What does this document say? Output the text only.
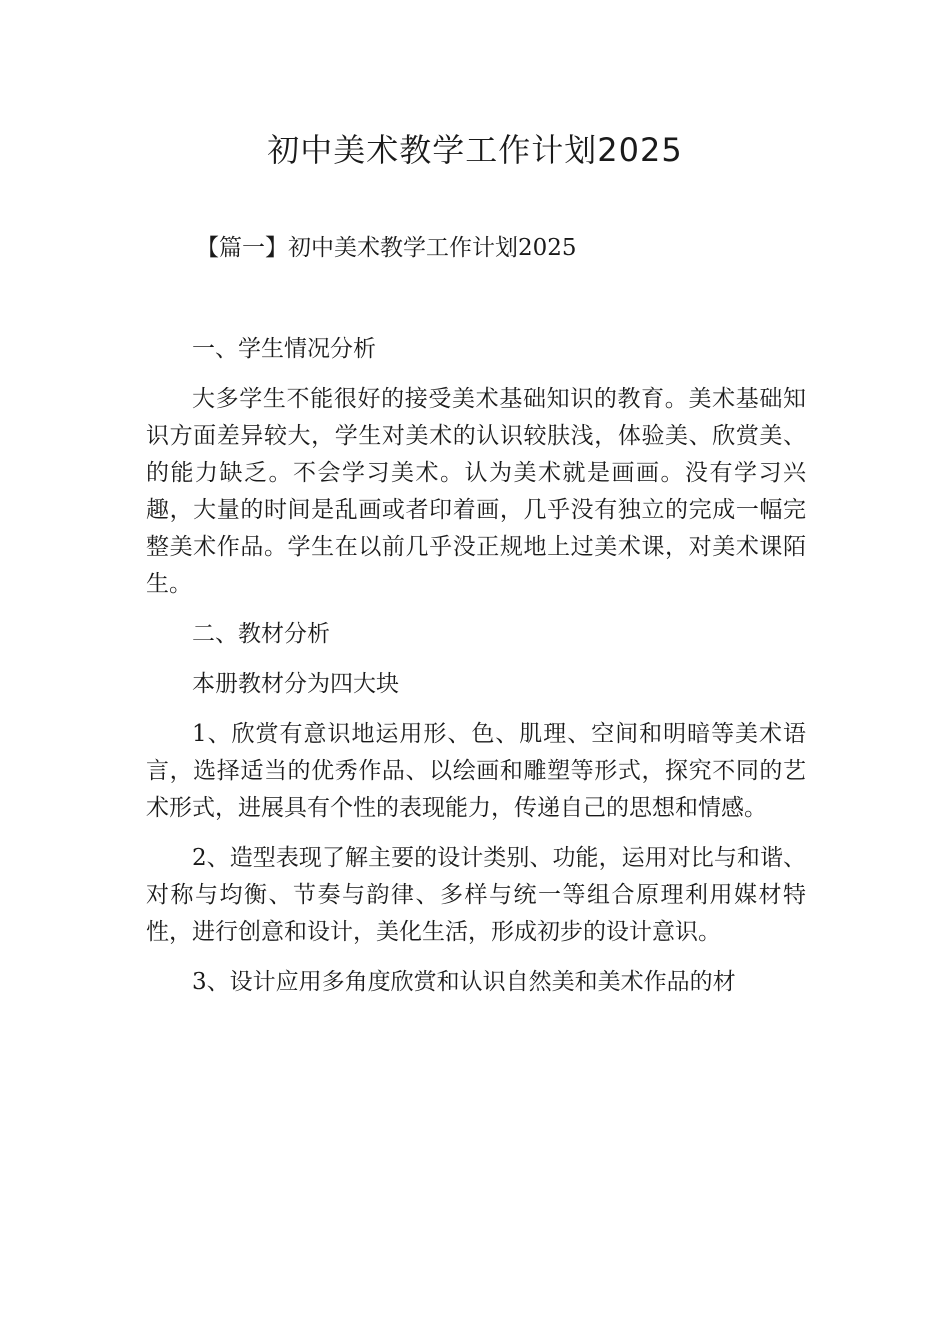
初中美术教学工作计划2025
【篇一】初中美术教学工作计划2025

一、学生情况分析

大多学生不能很好的接受美术基础知识的教育。美术基础知识方面差异较大，学生对美术的认识较肤浅，体验美、欣赏美、的能力缺乏。不会学习美术。认为美术就是画画。没有学习兴趣，大量的时间是乱画或者印着画，几乎没有独立的完成一幅完整美术作品。学生在以前几乎没正规地上过美术课，对美术课陌生。

二、教材分析

本册教材分为四大块

1、欣赏有意识地运用形、色、肌理、空间和明暗等美术语言，选择适当的优秀作品、以绘画和雕塑等形式，探究不同的艺术形式，进展具有个性的表现能力，传递自己的思想和情感。

2、造型表现了解主要的设计类别、功能，运用对比与和谐、对称与均衡、节奏与韵律、多样与统一等组合原理利用媒材特性，进行创意和设计，美化生活，形成初步的设计意识。

3、设计应用多角度欣赏和认识自然美和美术作品的材
